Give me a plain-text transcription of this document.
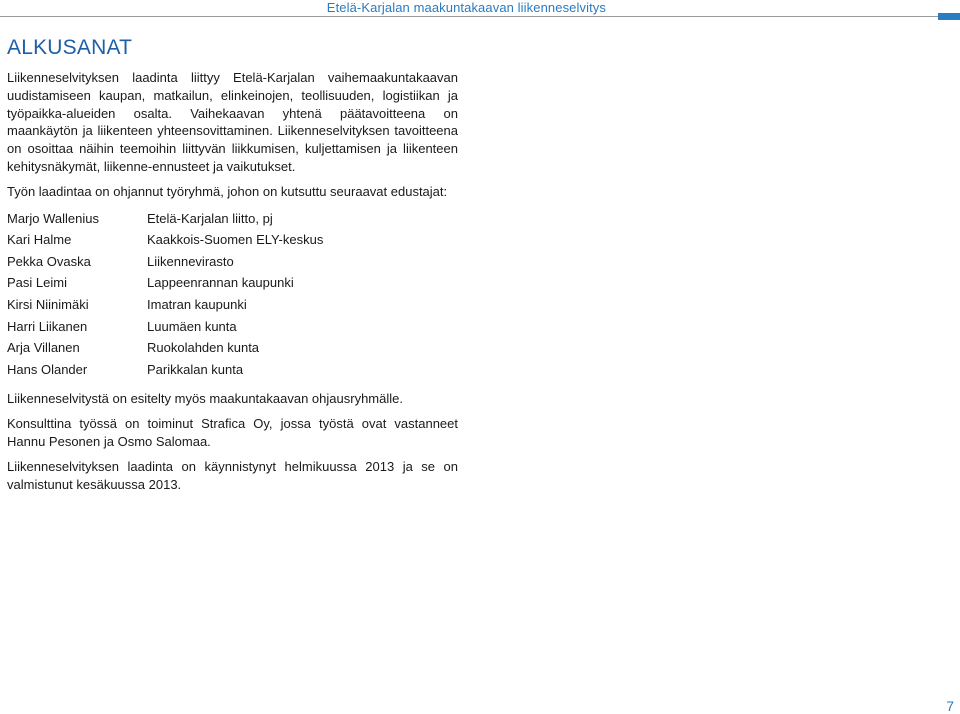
Etelä-Karjalan maakuntakaavan liikenneselvitys
ALKUSANAT

Liikenneselvityksen laadinta liittyy Etelä-Karjalan vaihemaakuntakaavan uudistamiseen kaupan, matkailun, elinkeinojen, teollisuuden, logistiikan ja työpaikka-alueiden osalta. Vaihekaavan yhtenä päätavoitteena on maankäytön ja liikenteen yhteensovittaminen. Liikenneselvityksen tavoitteena on osoittaa näihin teemoihin liittyvän liikkumisen, kuljettamisen ja liikenteen kehitysnäkymät, liikenne-ennusteet ja vaikutukset.

Työn laadintaa on ohjannut työryhmä, johon on kutsuttu seuraavat edustajat:

Marjo Wallenius	Etelä-Karjalan liitto, pj
Kari Halme	Kaakkois-Suomen ELY-keskus
Pekka Ovaska	Liikennevirasto
Pasi Leimi	Lappeenrannan kaupunki
Kirsi Niinimäki	Imatran kaupunki
Harri Liikanen	Luumäen kunta
Arja Villanen	Ruokolahden kunta
Hans Olander	Parikkalan kunta

Liikenneselvitystä on esitelty myös maakuntakaavan ohjausryhmälle.

Konsulttina työssä on toiminut Strafica Oy, jossa työstä ovat vastanneet Hannu Pesonen ja Osmo Salomaa.

Liikenneselvityksen laadinta on käynnistynyt helmikuussa 2013 ja se on valmistunut kesäkuussa 2013.

7
